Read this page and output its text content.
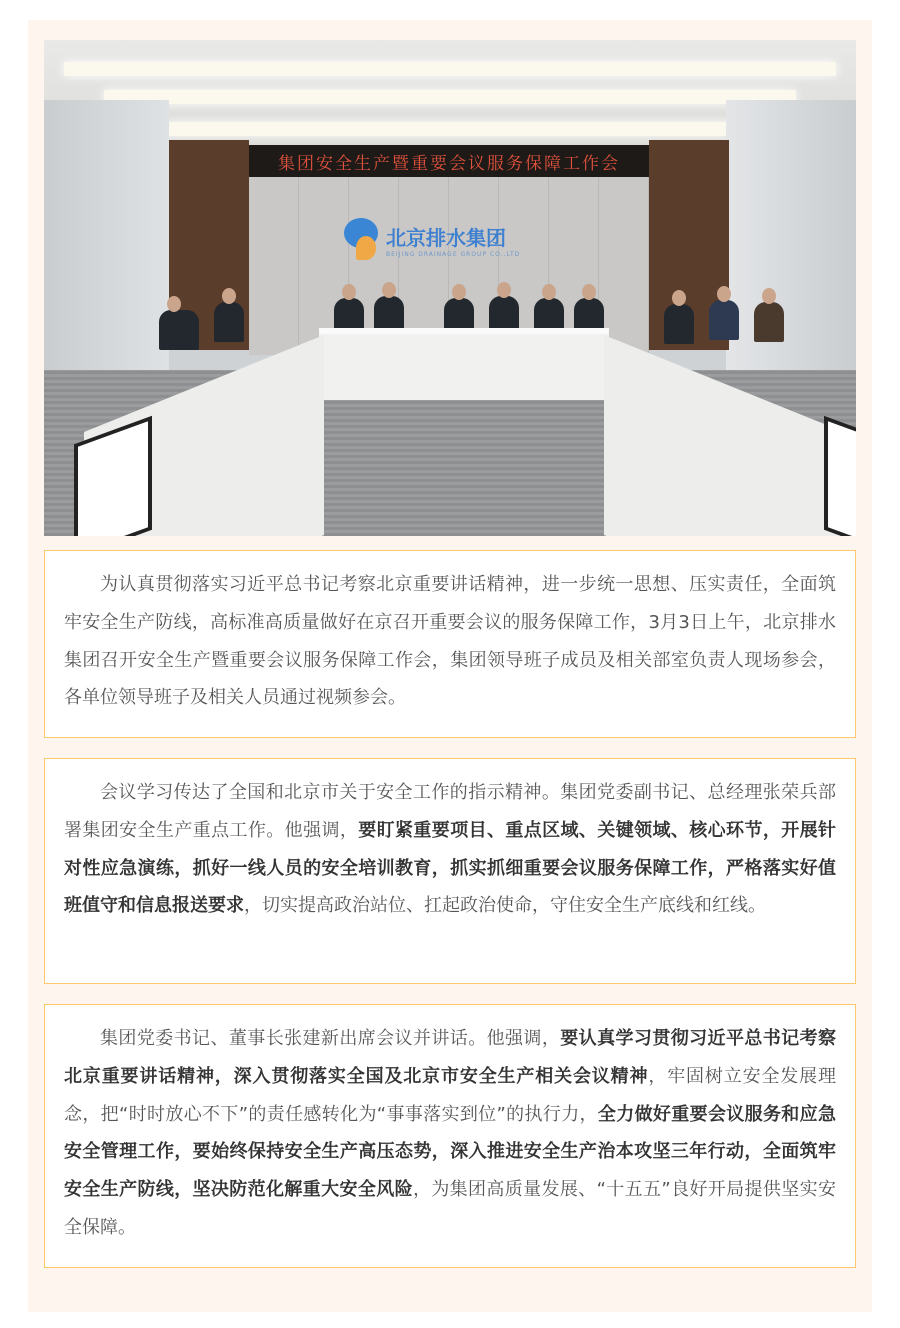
集团安全生产暨重要会议服务保障工作会
北京排水集团
BEIJING DRAINAGE GROUP CO.,LTD

为认真贯彻落实习近平总书记考察北京重要讲话精神，进一步统一思想、压实责任，全面筑牢安全生产防线，高标准高质量做好在京召开重要会议的服务保障工作，3月3日上午，北京排水集团召开安全生产暨重要会议服务保障工作会，集团领导班子成员及相关部室负责人现场参会，各单位领导班子及相关人员通过视频参会。

会议学习传达了全国和北京市关于安全工作的指示精神。集团党委副书记、总经理张荣兵部署集团安全生产重点工作。他强调，要盯紧重要项目、重点区域、关键领域、核心环节，开展针对性应急演练，抓好一线人员的安全培训教育，抓实抓细重要会议服务保障工作，严格落实好值班值守和信息报送要求，切实提高政治站位、扛起政治使命，守住安全生产底线和红线。

集团党委书记、董事长张建新出席会议并讲话。他强调，要认真学习贯彻习近平总书记考察北京重要讲话精神，深入贯彻落实全国及北京市安全生产相关会议精神，牢固树立安全发展理念，把“时时放心不下”的责任感转化为“事事落实到位”的执行力，全力做好重要会议服务和应急安全管理工作，要始终保持安全生产高压态势，深入推进安全生产治本攻坚三年行动，全面筑牢安全生产防线，坚决防范化解重大安全风险，为集团高质量发展、“十五五”良好开局提供坚实安全保障。
